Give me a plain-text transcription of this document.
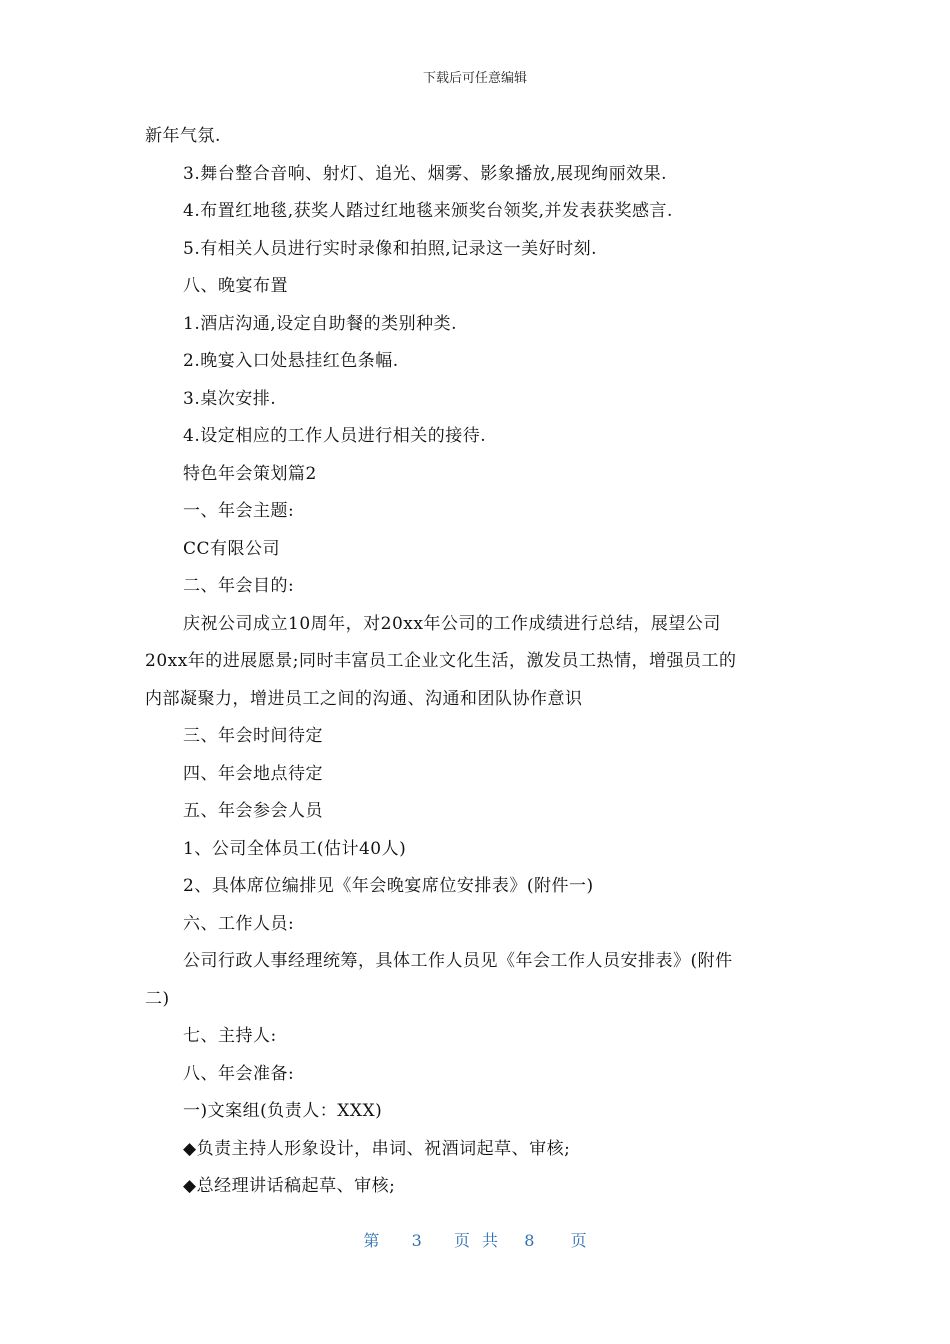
下载后可任意编辑

新年气氛.

3.舞台整合音响、射灯、追光、烟雾、影象播放,展现绚丽效果.

4.布置红地毯,获奖人踏过红地毯来颁奖台领奖,并发表获奖感言.

5.有相关人员进行实时录像和拍照,记录这一美好时刻.

八、晚宴布置

1.酒店沟通,设定自助餐的类别种类.

2.晚宴入口处悬挂红色条幅.

3.桌次安排.

4.设定相应的工作人员进行相关的接待.

特色年会策划篇2

一、年会主题:

CC有限公司

二、年会目的:

庆祝公司成立10周年，对20xx年公司的工作成绩进行总结，展望公司

20xx年的进展愿景;同时丰富员工企业文化生活，激发员工热情，增强员工的

内部凝聚力，增进员工之间的沟通、沟通和团队协作意识

三、年会时间待定

四、年会地点待定

五、年会参会人员

1、公司全体员工(估计40人)

2、具体席位编排见《年会晚宴席位安排表》(附件一)

六、工作人员:

公司行政人事经理统筹，具体工作人员见《年会工作人员安排表》(附件

二)

七、主持人:

八、年会准备:

一)文案组(负责人：XXX)

◆负责主持人形象设计，串词、祝酒词起草、审核;

◆总经理讲话稿起草、审核;

第 3 页共 8 页
